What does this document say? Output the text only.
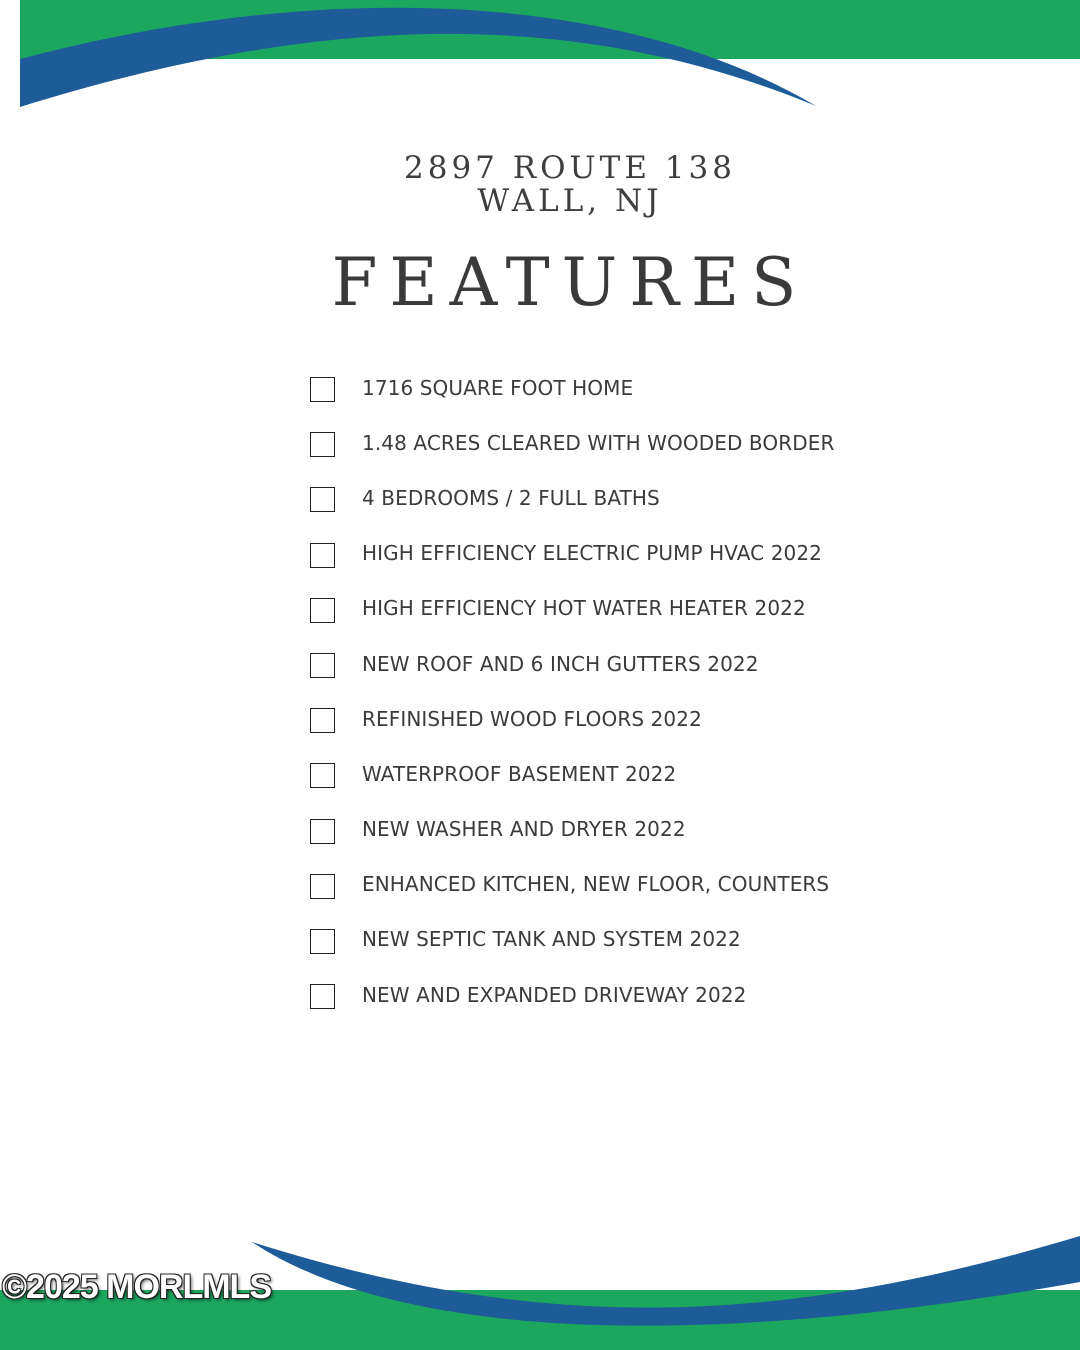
2897 ROUTE 138
WALL, NJ
FEATURES
1716 SQUARE FOOT HOME
1.48 ACRES CLEARED WITH WOODED BORDER
4 BEDROOMS / 2 FULL BATHS
HIGH EFFICIENCY ELECTRIC PUMP HVAC 2022
HIGH EFFICIENCY HOT WATER HEATER 2022
NEW ROOF AND 6 INCH GUTTERS 2022
REFINISHED WOOD FLOORS 2022
WATERPROOF BASEMENT 2022
NEW WASHER AND DRYER 2022
ENHANCED KITCHEN, NEW FLOOR, COUNTERS
NEW SEPTIC TANK AND SYSTEM 2022
NEW AND EXPANDED DRIVEWAY 2022
©2025 MORLMLS
